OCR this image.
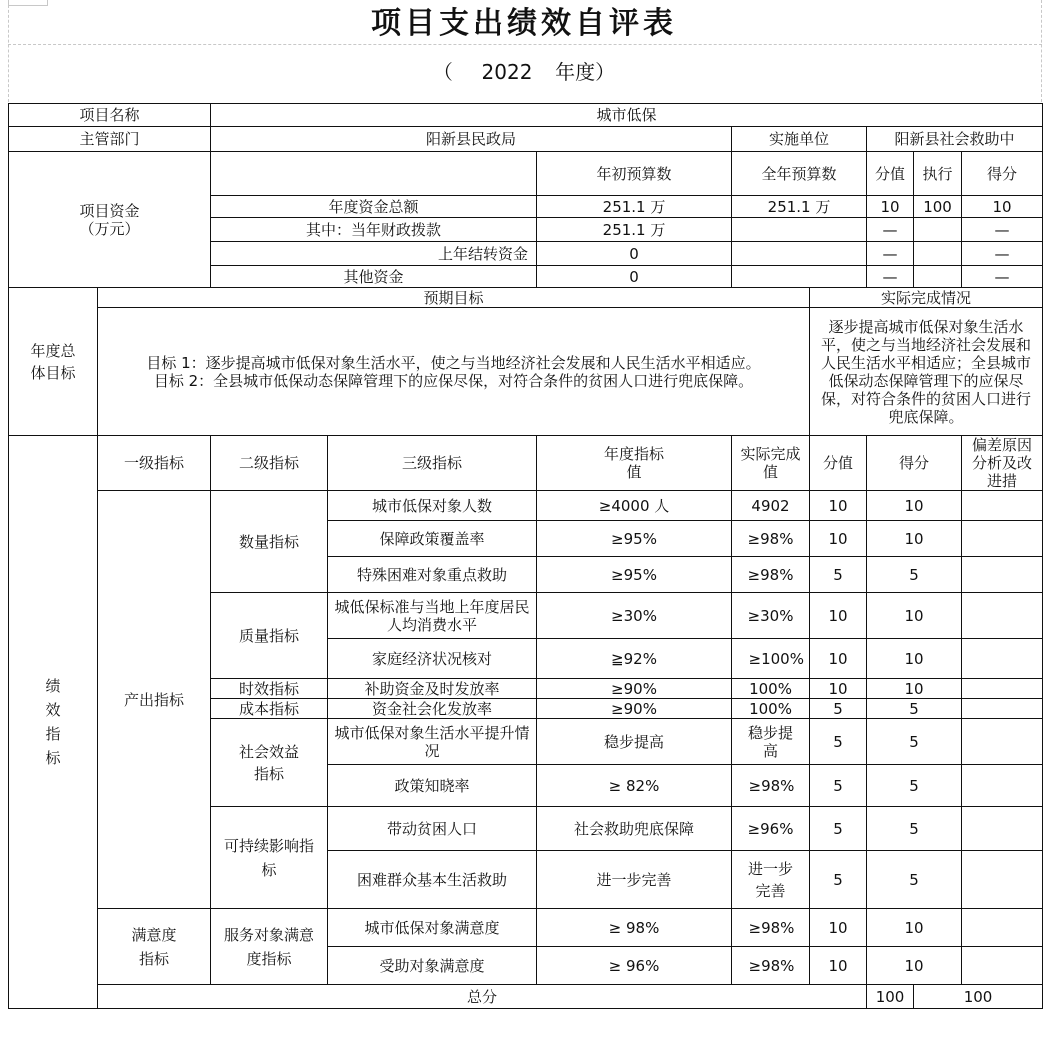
项目支出绩效自评表
（ 2022 年度）
项目名称		城市低保								
主管部门		阳新县民政局			实施单位		阳新县社会救助中			

项目资金
（万元）				年初预算数	全年预算数		分值	执行	得分	
		年度资金总额		251.1 万	251.1 万		10	100	10	
		其中：当年财政拨款		251.1 万			—		—	
		上年结转资金		0			—		—	
		其他资金		0			—		—	

年度总体目标	预期目标					实际完成情况				

	目标 1：逐步提高城市低保对象生活水平，使之与当地经济社会发展和人民生活水平相适应。
目标 2：全县城市低保动态保障管理下的应保尽保，对符合条件的贫困人口进行兜底保障。					逐步提高城市低保对象生活水平，使之与当地经济社会发展和人民生活水平相适应；全县城市低保动态保障管理下的应保尽保，对符合条件的贫困人口进行兜底保障。				

绩效指标	一级指标	二级指标	三级指标	年度指标值	实际完成值	分值	得分		偏差原因分析及改进措	
	产出指标	数量指标	城市低保对象人数	≥4000 人	4902	10	10			
			保障政策覆盖率	≥95%	≥98%	10	10			
			特殊困难对象重点救助	≥95%	≥98%	5	5			
		质量指标	城低保标准与当地上年度居民人均消费水平	≥30%	≥30%	10	10			
			家庭经济状况核对	≧92%	≥100%	10	10			
		时效指标	补助资金及时发放率	≥90%	100%	10	10			
		成本指标	资金社会化发放率	≥90%	100%	5	5			

		社会效益指标	城市低保对象生活水平提升情况	稳步提高	稳步提高	5	5			
			政策知晓率	≥ 82%	≥98%	5	5			

		可持续影响指标	带动贫困人口	社会救助兜底保障	≥96%	5	5			
			困难群众基本生活救助	进一步完善	进一步完善	5	5			

	满意度指标	服务对象满意度指标	城市低保对象满意度	≥ 98%	≥98%	10	10			
			受助对象满意度	≥ 96%	≥98%	10	10			
	总分						100	100		
